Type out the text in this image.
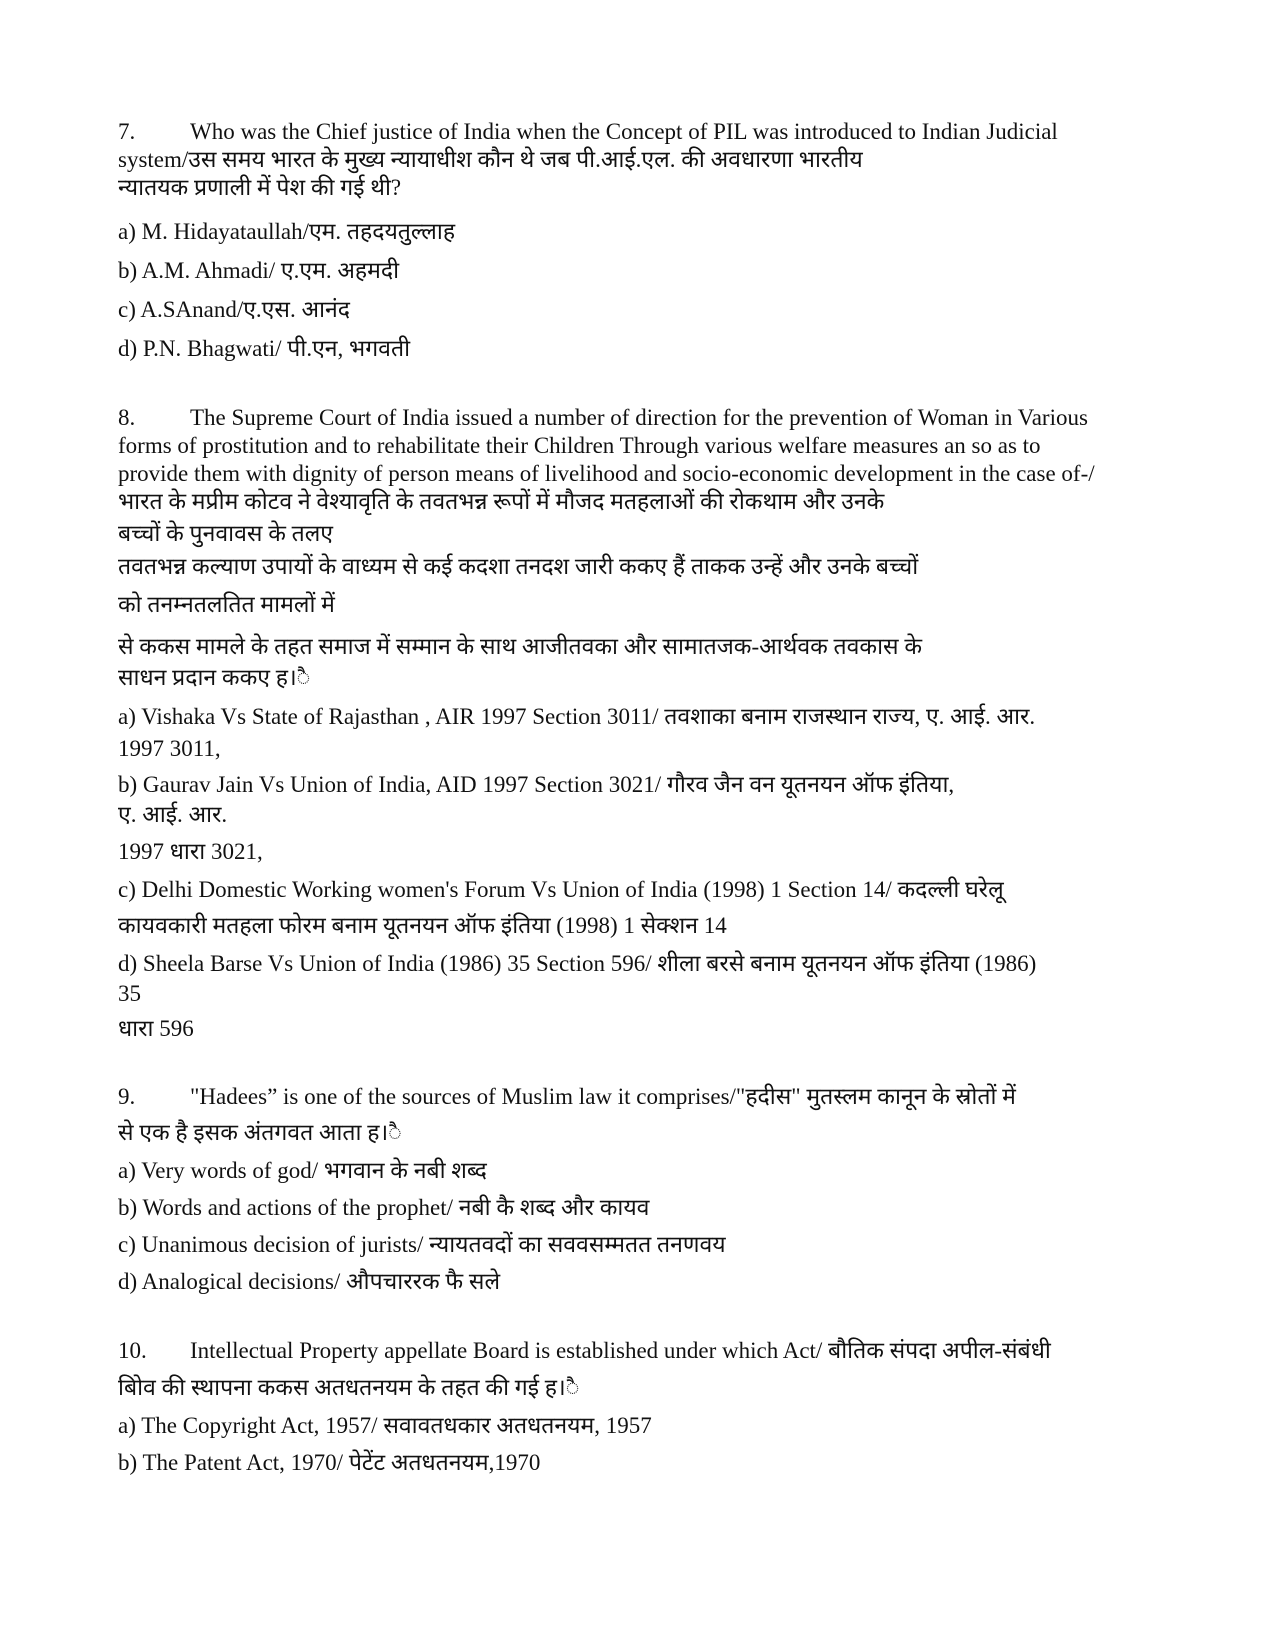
7. Who was the Chief justice of India when the Concept of PIL was introduced to Indian Judicial
system/उस समय भारत के मुख्य न्यायाधीश कौन थे जब पी.आई.एल. की अवधारणा भारतीय
न्यातयक प्रणाली में पेश की गई थी?
a) M. Hidayataullah/एम. तहदयतुल्लाह
b) A.M. Ahmadi/ ए.एम. अहमदी
c) A.SAnand/ए.एस. आनंद
d) P.N. Bhagwati/ पी.एन, भगवती
8. The Supreme Court of India issued a number of direction for the prevention of Woman in Various
forms of prostitution and to rehabilitate their Children Through various welfare measures an so as to
provide them with dignity of person means of livelihood and socio-economic development in the case of-/
भारत के मप्रीम कोटव ने वेश्यावृति के तवतभन्न रूपों में मौजद मतहलाओं की रोकथाम और उनके
बच्चों के पुनवावस के तलए
तवतभन्न कल्याण उपायों के वाध्यम से कई कदशा तनदश जारी ककए हैं ताकक उन्हें और उनके बच्चों
को तनम्नतलतित मामलों में
से ककस मामले के तहत समाज में सम्मान के साथ आजीतवका और सामातजक-आर्थवक तवकास के
साधन प्रदान ककए ह।ै
a) Vishaka Vs State of Rajasthan , AIR 1997 Section 3011/ तवशाका बनाम राजस्थान राज्य, ए. आई. आर.
1997 3011,
b) Gaurav Jain Vs Union of India, AID 1997 Section 3021/ गौरव जैन वन यूतनयन ऑफ इंतिया,
ए. आई. आर.
1997 धारा 3021,
c) Delhi Domestic Working women's Forum Vs Union of India (1998) 1 Section 14/ कदल्ली घरेलू
कायवकारी मतहला फोरम बनाम यूतनयन ऑफ इंतिया (1998) 1 सेक्शन 14
d) Sheela Barse Vs Union of India (1986) 35 Section 596/ शीला बरसे बनाम यूतनयन ऑफ इंतिया (1986)
35
धारा 596
9. "Hadees” is one of the sources of Muslim law it comprises/"हदीस" मुतस्लम कानून के स्रोतों में
से एक है इसक अंतगवत आता ह।ै
a) Very words of god/ भगवान के नबी शब्द
b) Words and actions of the prophet/ नबी कै शब्द और कायव
c) Unanimous decision of jurists/ न्यायतवदों का सववसम्मतत तनणवय
d) Analogical decisions/ औपचाररक फै सले
10. Intellectual Property appellate Board is established under which Act/ बौतिक संपदा अपील-संबंधी
बोिव की स्थापना ककस अतधतनयम के तहत की गई ह।ै
a) The Copyright Act, 1957/ सवावतधकार अतधतनयम, 1957
b) The Patent Act, 1970/ पेटेंट अतधतनयम,1970
